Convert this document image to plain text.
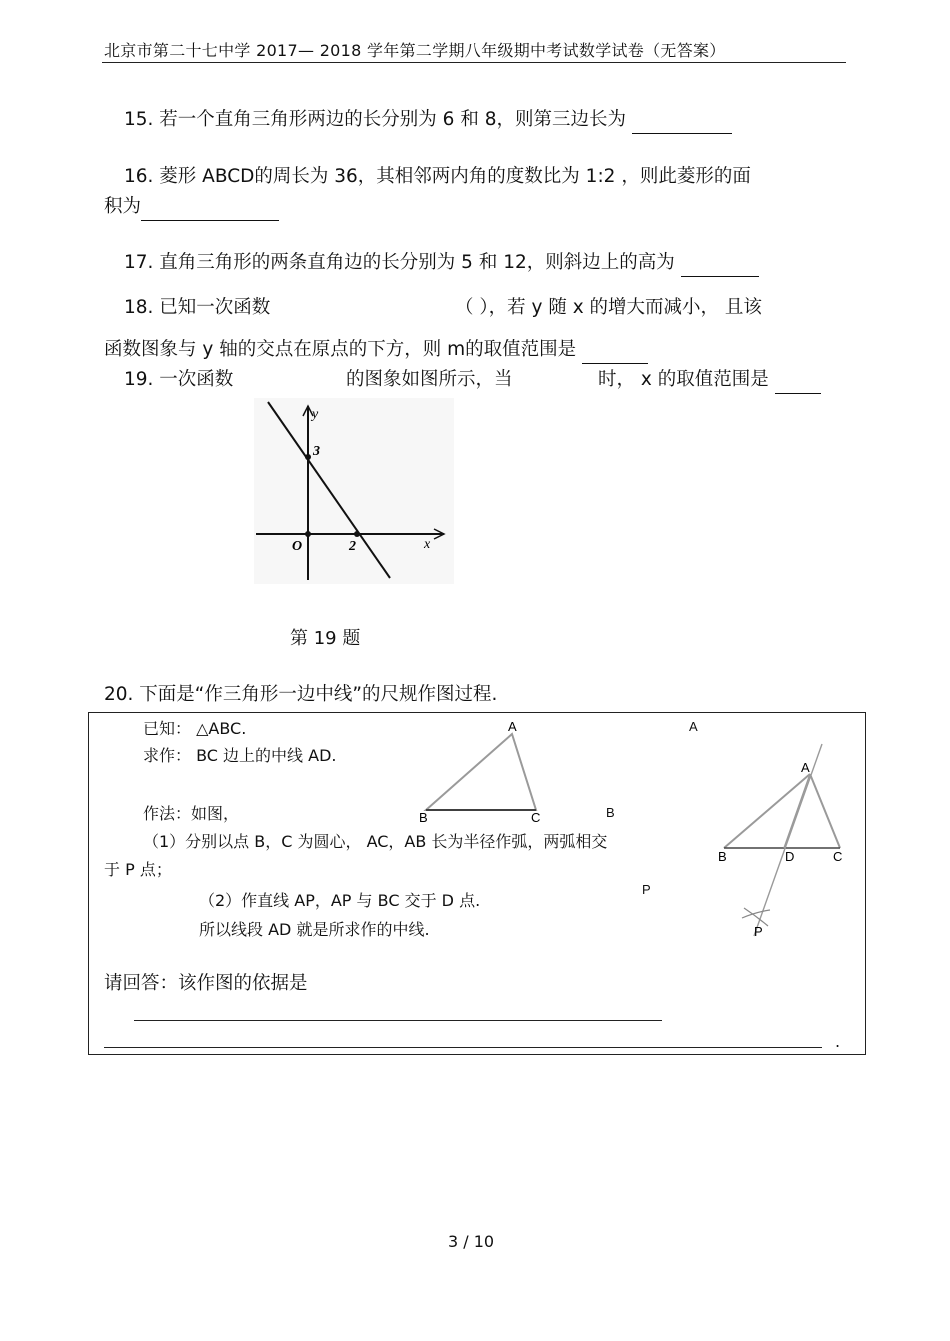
北京市第二十七中学 2017— 2018 学年第二学期八年级期中考试数学试卷（无答案）
15. 若一个直角三角形两边的长分别为 6 和 8，则第三边长为
16. 菱形 ABCD的周长为 36，其相邻两内角的度数比为 1:2 ，则此菱形的面
积为
17. 直角三角形的两条直角边的长分别为 5 和 12，则斜边上的高为
18. 已知一次函数	（ ），若 y 随 x 的增大而减小， 且该
函数图象与 y 轴的交点在原点的下方，则 m的取值范围是
19. 一次函数	的图象如图所示，当	时， x 的取值范围是
y
x
O
3
2
第 19 题
20. 下面是“作三角形一边中线”的尺规作图过程.
已知： △ABC.
求作： BC 边上的中线 AD.
作法：如图，
（1）分别以点 B，C 为圆心， AC，AB 长为半径作弧，两弧相交
于 P 点；
（2）作直线 AP，AP 与 BC 交于 D 点.
所以线段 AD 就是所求作的中线.
请回答：该作图的依据是
.
A
B	C
A
B
P
A
B	D	C
P
3 / 10
